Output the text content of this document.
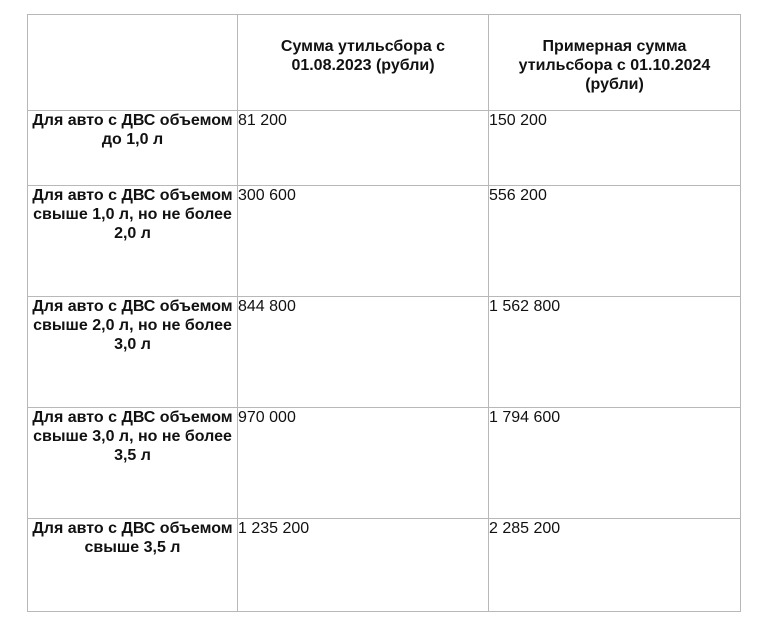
	Сумма утильсбора с 01.08.2023 (рубли)	Примерная сумма утильсбора с 01.10.2024 (рубли)
Для авто с ДВС объемом до 1,0 л	81 200	150 200
Для авто с ДВС объемом свыше 1,0 л, но не более 2,0 л	300 600	556 200
Для авто с ДВС объемом свыше 2,0 л, но не более 3,0 л	844 800	1 562 800
Для авто с ДВС объемом свыше 3,0 л, но не более 3,5 л	970 000	1 794 600
Для авто с ДВС объемом свыше 3,5 л	1 235 200	2 285 200
